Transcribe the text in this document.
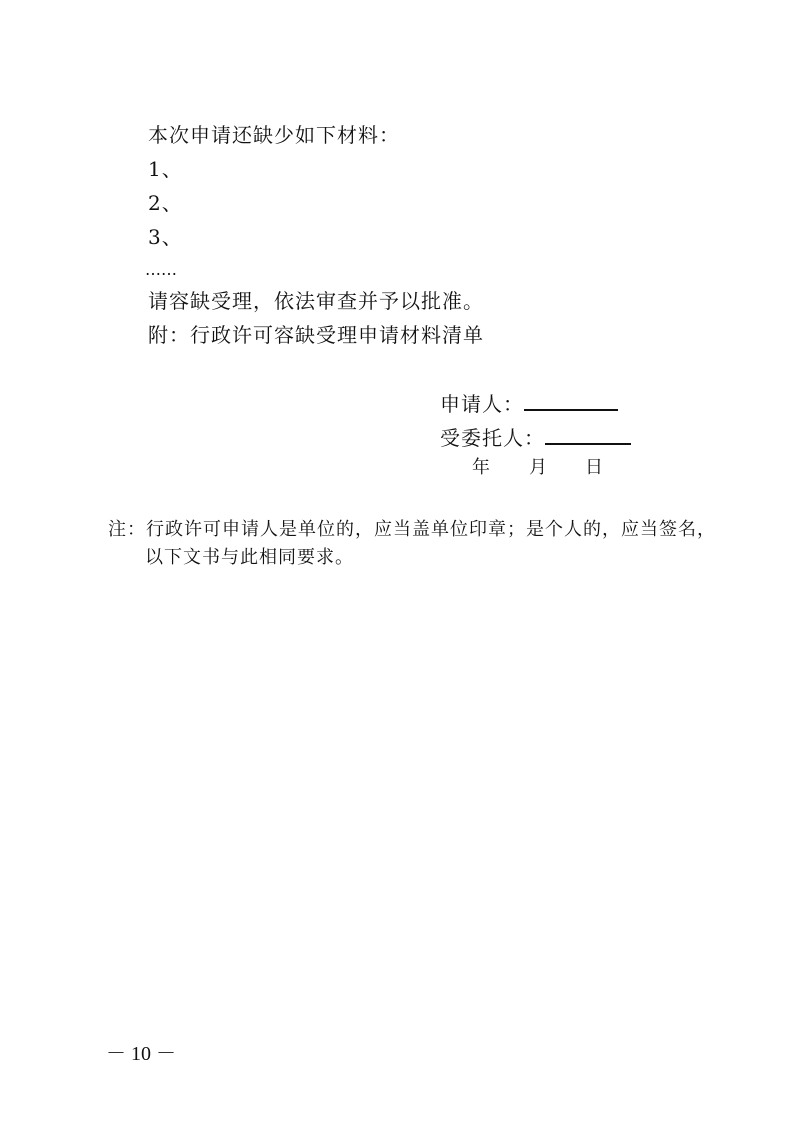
本次申请还缺少如下材料：
1、
2、
3、
……
请容缺受理，依法审查并予以批准。
附：行政许可容缺受理申请材料清单
申请人：
受委托人：
年 月 日
注：行政许可申请人是单位的，应当盖单位印章；是个人的，应当签名，
以下文书与此相同要求。
－ 10 －
